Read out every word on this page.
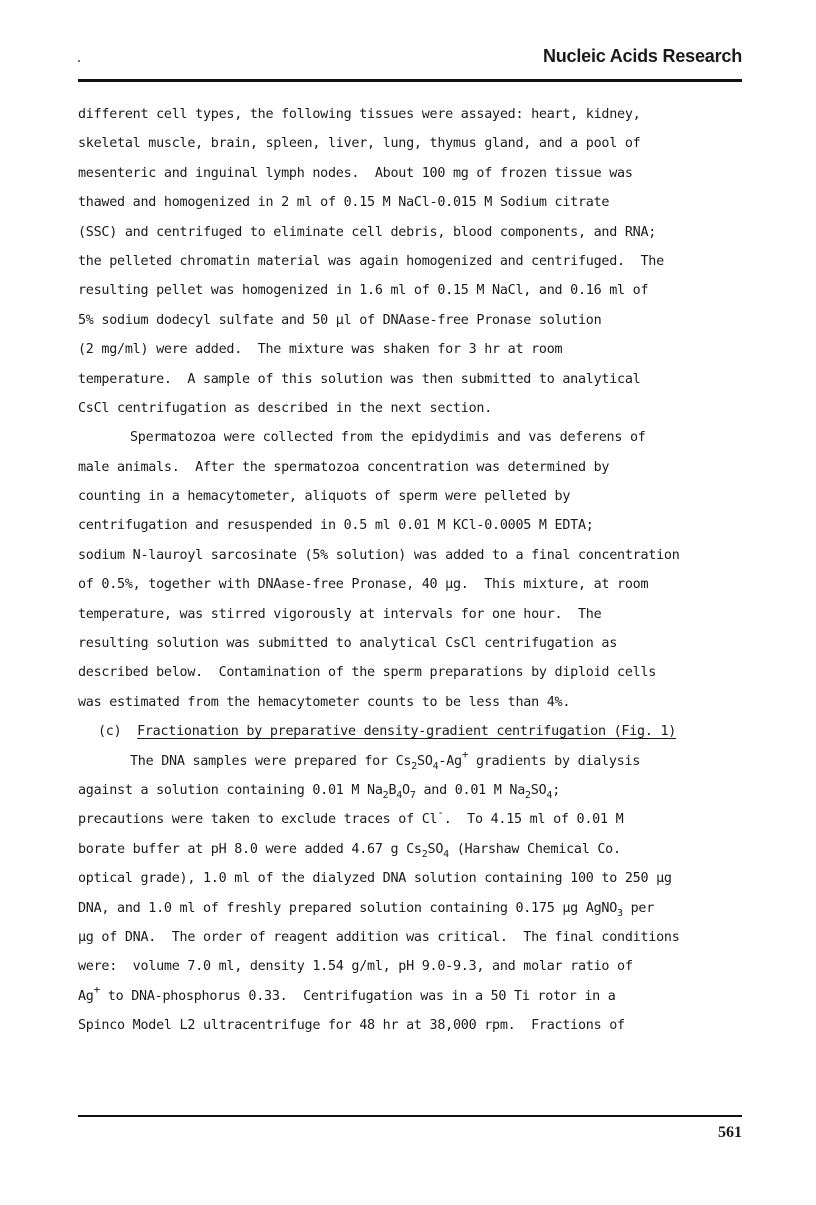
Nucleic Acids Research
different cell types, the following tissues were assayed: heart, kidney,
skeletal muscle, brain, spleen, liver, lung, thymus gland, and a pool of
mesenteric and inguinal lymph nodes.  About 100 mg of frozen tissue was
thawed and homogenized in 2 ml of 0.15 M NaCl-0.015 M Sodium citrate
(SSC) and centrifuged to eliminate cell debris, blood components, and RNA;
the pelleted chromatin material was again homogenized and centrifuged.  The
resulting pellet was homogenized in 1.6 ml of 0.15 M NaCl, and 0.16 ml of
5% sodium dodecyl sulfate and 50 µl of DNAase-free Pronase solution
(2 mg/ml) were added.  The mixture was shaken for 3 hr at room
temperature.  A sample of this solution was then submitted to analytical
CsCl centrifugation as described in the next section.
Spermatozoa were collected from the epidydimis and vas deferens of
male animals.  After the spermatozoa concentration was determined by
counting in a hemacytometer, aliquots of sperm were pelleted by
centrifugation and resuspended in 0.5 ml 0.01 M KCl-0.0005 M EDTA;
sodium N-lauroyl sarcosinate (5% solution) was added to a final concentration
of 0.5%, together with DNAase-free Pronase, 40 µg.  This mixture, at room
temperature, was stirred vigorously at intervals for one hour.  The
resulting solution was submitted to analytical CsCl centrifugation as
described below.  Contamination of the sperm preparations by diploid cells
was estimated from the hemacytometer counts to be less than 4%.
(c) Fractionation by preparative density-gradient centrifugation (Fig. 1)
The DNA samples were prepared for $Cs_2SO_4-Ag^+$ gradients by dialysis
against a solution containing 0.01 M $Na_2B_4O_7$ and 0.01 M $Na_2SO_4$;
precautions were taken to exclude traces of Cl-.  To 4.15 ml of 0.01 M
borate buffer at pH 8.0 were added 4.67 g $Cs_2SO_4$ (Harshaw Chemical Co.
optical grade), 1.0 ml of the dialyzed DNA solution containing 100 to 250 µg
DNA, and 1.0 ml of freshly prepared solution containing 0.175 µg AgNO$_3$ per
µg of DNA.  The order of reagent addition was critical.  The final conditions
were:  volume 7.0 ml, density 1.54 g/ml, pH 9.0-9.3, and molar ratio of
Ag+ to DNA-phosphorus 0.33.  Centrifugation was in a 50 Ti rotor in a
Spinco Model L2 ultracentrifuge for 48 hr at 38,000 rpm.  Fractions of
561
